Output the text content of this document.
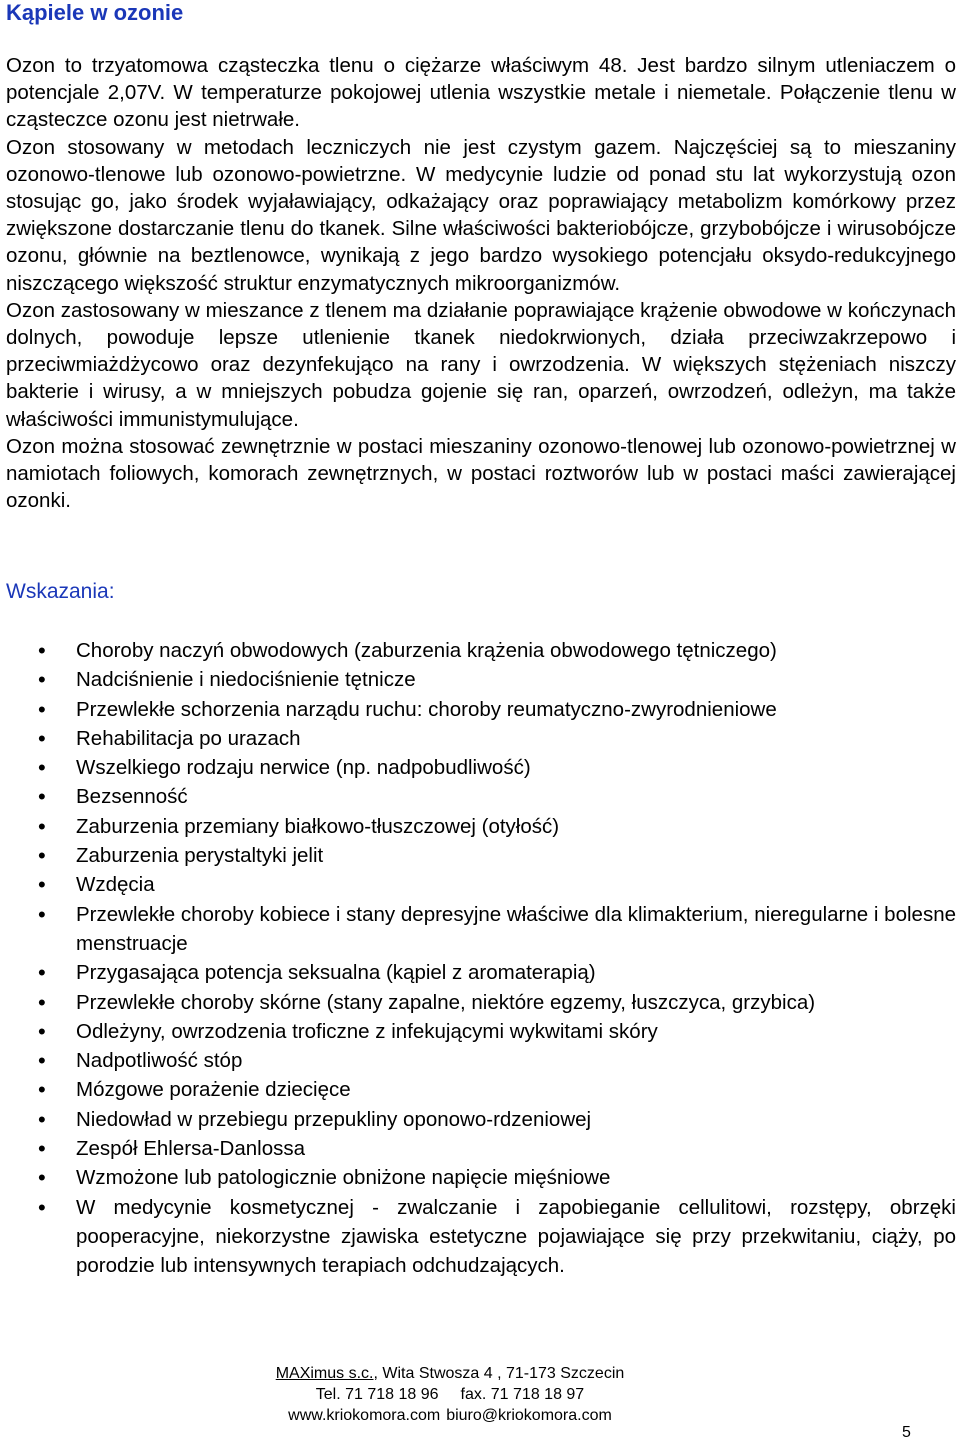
Kąpiele w ozonie

Ozon to trzyatomowa cząsteczka tlenu o ciężarze właściwym 48. Jest bardzo silnym utleniaczem o potencjale 2,07V. W temperaturze pokojowej utlenia wszystkie metale i niemetale. Połączenie tlenu w cząsteczce ozonu jest nietrwałe.

Ozon stosowany w metodach leczniczych nie jest czystym gazem. Najczęściej są to mieszaniny ozonowo-tlenowe lub ozonowo-powietrzne. W medycynie ludzie od ponad stu lat wykorzystują ozon stosując go, jako środek wyjaławiający, odkażający oraz poprawiający metabolizm komórkowy przez zwiększone dostarczanie tlenu do tkanek. Silne właściwości bakteriobójcze, grzybobójcze i wirusobójcze ozonu, głównie na beztlenowce, wynikają z jego bardzo wysokiego potencjału oksydo-redukcyjnego niszczącego większość struktur enzymatycznych mikroorganizmów.

Ozon zastosowany w mieszance z tlenem ma działanie poprawiające krążenie obwodowe w kończynach dolnych, powoduje lepsze utlenienie tkanek niedokrwionych, działa przeciwzakrzepowo i przeciwmiażdżycowo oraz dezynfekująco na rany i owrzodzenia. W większych stężeniach niszczy bakterie i wirusy, a w mniejszych pobudza gojenie się ran, oparzeń, owrzodzeń, odleżyn, ma także właściwości immunistymulujące.

Ozon można stosować zewnętrznie w postaci mieszaniny ozonowo-tlenowej lub ozonowo-powietrznej w namiotach foliowych, komorach zewnętrznych, w postaci roztworów lub w postaci maści zawierającej ozonki.

Wskazania:
• Choroby naczyń obwodowych (zaburzenia krążenia obwodowego tętniczego)
• Nadciśnienie i niedociśnienie tętnicze
• Przewlekłe schorzenia narządu ruchu: choroby reumatyczno-zwyrodnieniowe
• Rehabilitacja po urazach
• Wszelkiego rodzaju nerwice (np. nadpobudliwość)
• Bezsenność
• Zaburzenia przemiany białkowo-tłuszczowej (otyłość)
• Zaburzenia perystaltyki jelit
• Wzdęcia
• Przewlekłe choroby kobiece i stany depresyjne właściwe dla klimakterium, nieregularne i bolesne menstruacje
• Przygasająca potencja seksualna (kąpiel z aromaterapią)
• Przewlekłe choroby skórne (stany zapalne, niektóre egzemy, łuszczyca, grzybica)
• Odleżyny, owrzodzenia troficzne z infekującymi wykwitami skóry
• Nadpotliwość stóp
• Mózgowe porażenie dziecięce
• Niedowład w przebiegu przepukliny oponowo-rdzeniowej
• Zespół Ehlersa-Danlossa
• Wzmożone lub patologicznie obniżone napięcie mięśniowe
• W medycynie kosmetycznej - zwalczanie i zapobieganie cellulitowi, rozstępy, obrzęki pooperacyjne, niekorzystne zjawiska estetyczne pojawiające się przy przekwitaniu, ciąży, po porodzie lub intensywnych terapiach odchudzających.
MAXimus s.c., Wita Stwosza 4 , 71-173 Szczecin
Tel. 71 718 18 96 fax. 71 718 18 97
www.kriokomora.com biuro@kriokomora.com
5
